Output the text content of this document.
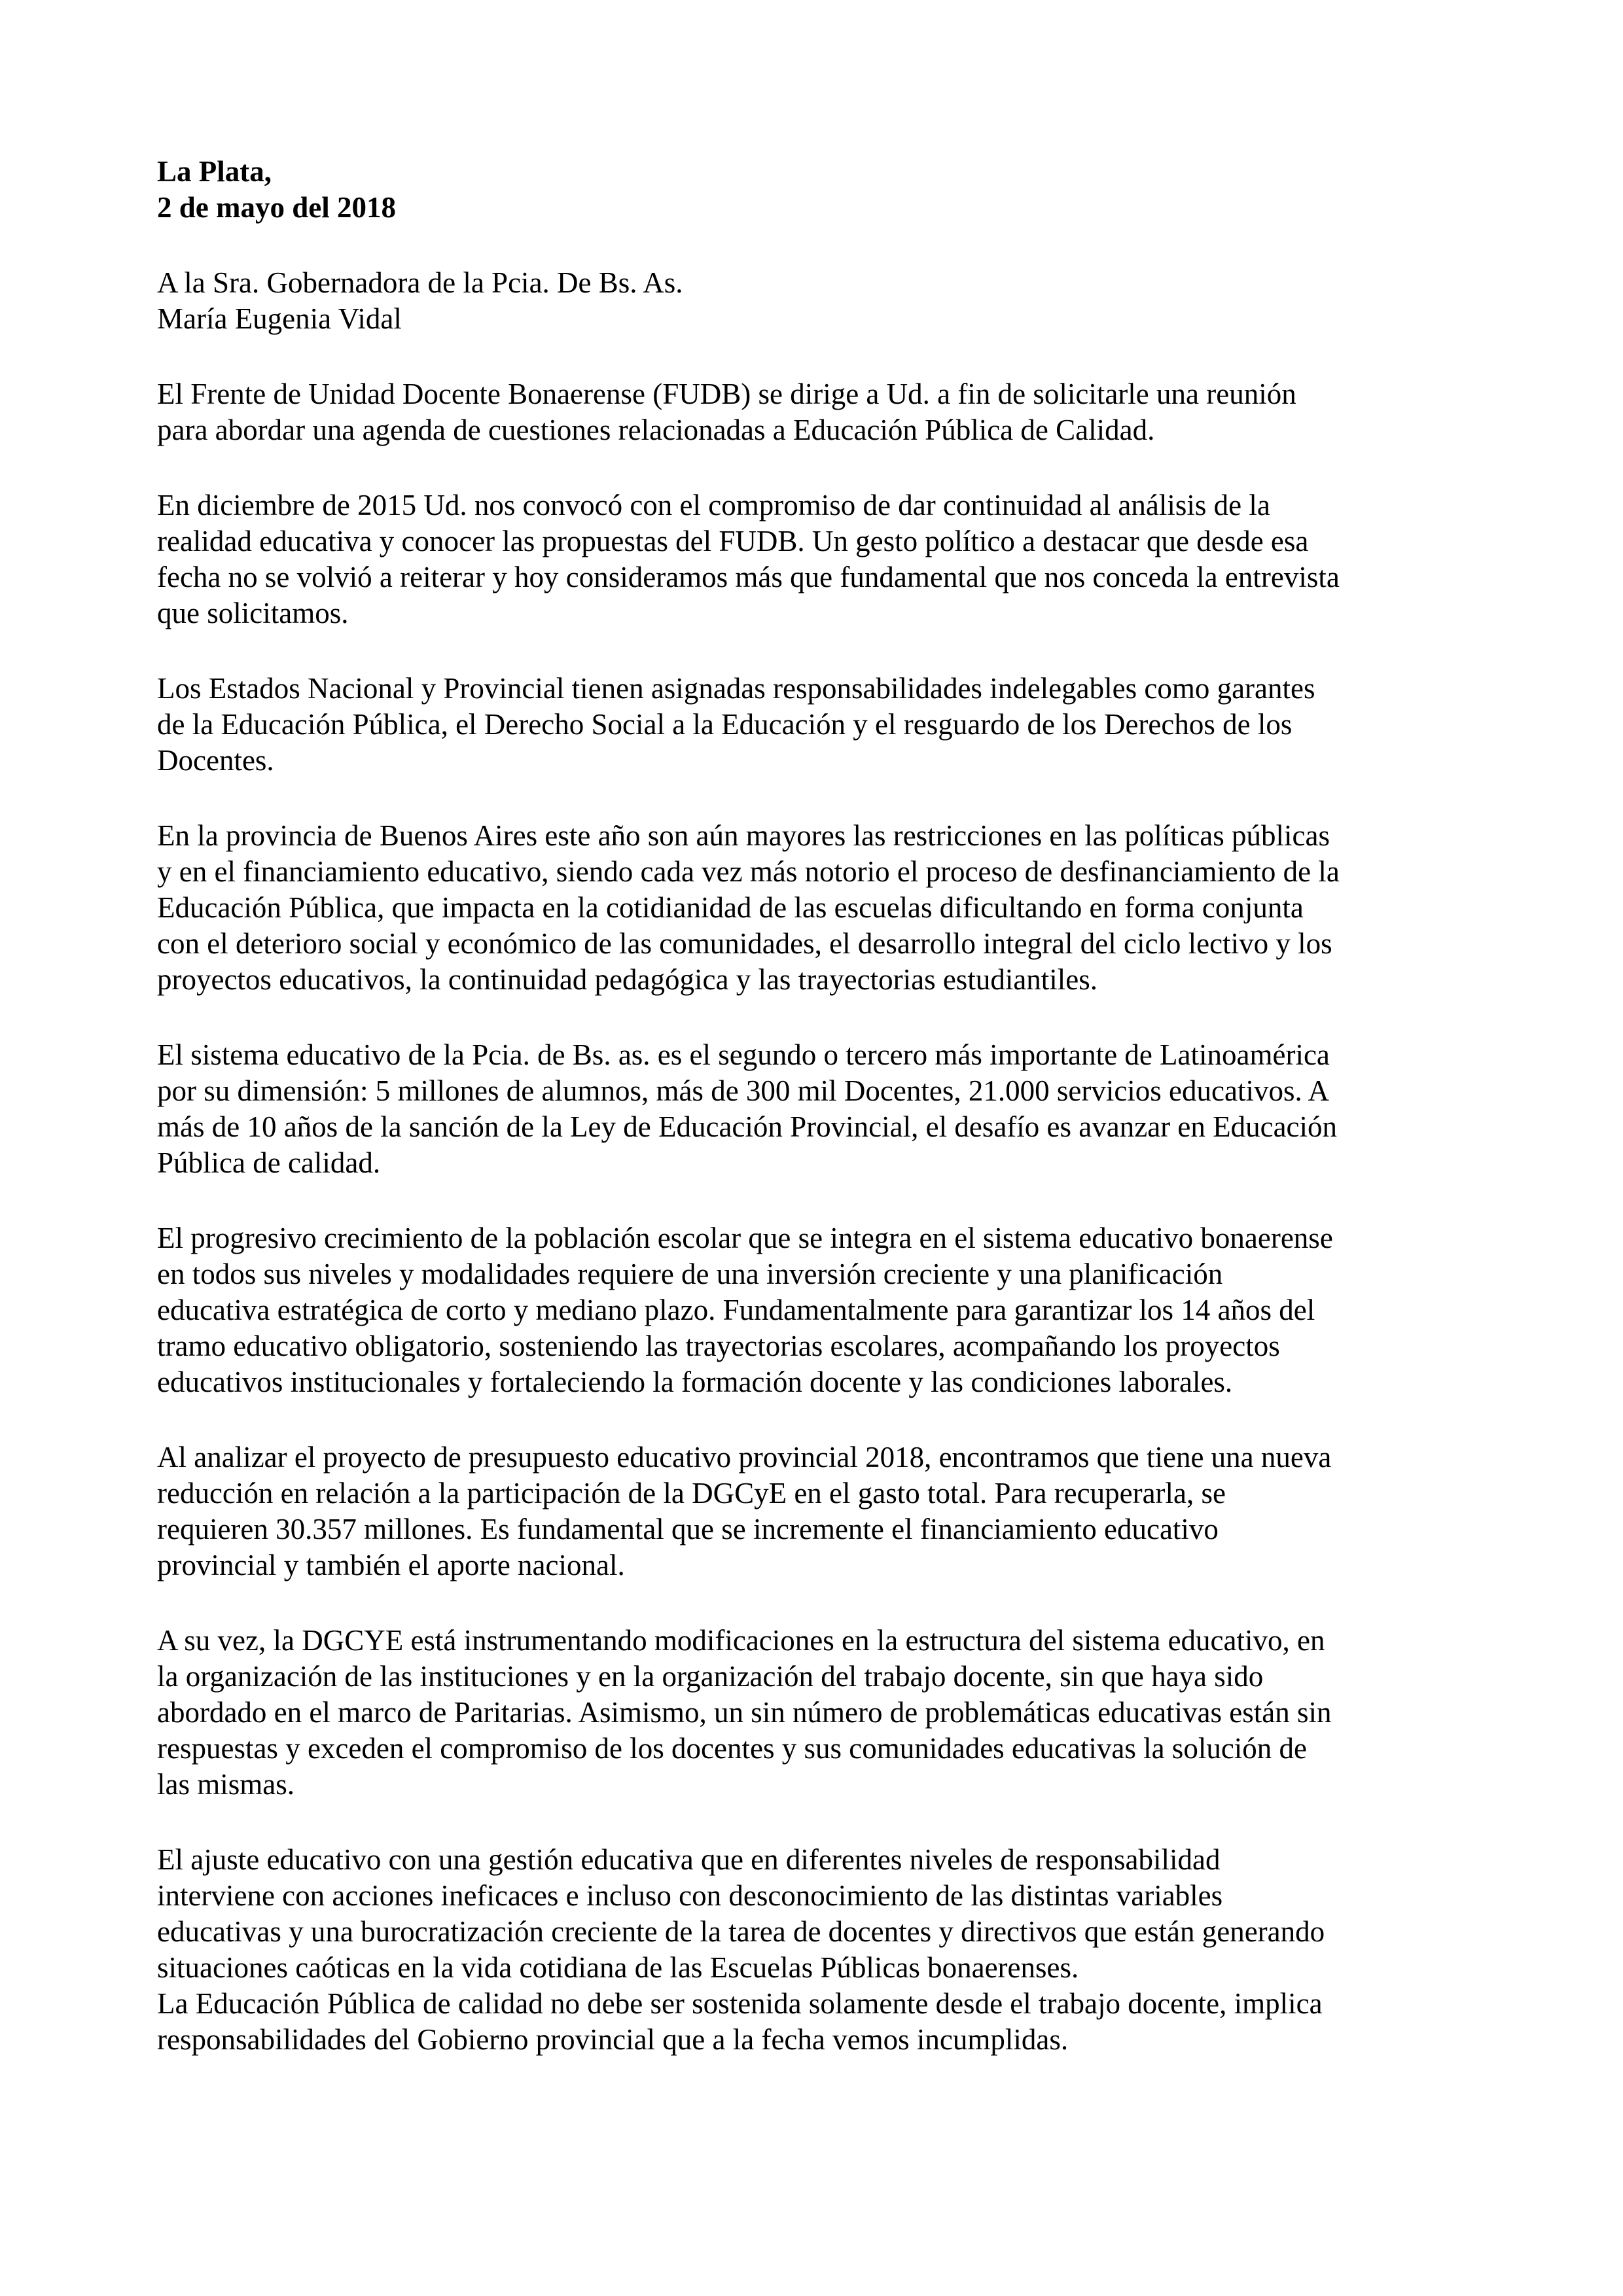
La Plata,
2 de mayo del 2018
A la Sra. Gobernadora de la Pcia. De Bs. As.
María Eugenia Vidal
El Frente de Unidad Docente Bonaerense (FUDB) se dirige a Ud. a fin de solicitarle una reunión
para abordar una agenda de cuestiones relacionadas a Educación Pública de Calidad.
En diciembre de 2015 Ud. nos convocó con el compromiso de dar continuidad al análisis de la
realidad educativa y conocer las propuestas del FUDB. Un gesto político a destacar que desde esa
fecha no se volvió a reiterar y hoy consideramos más que fundamental que nos conceda la entrevista
que solicitamos.
Los Estados Nacional y Provincial tienen asignadas responsabilidades indelegables como garantes
de la Educación Pública, el Derecho Social a la Educación y el resguardo de los Derechos de los
Docentes.
En la provincia de Buenos Aires este año son aún mayores las restricciones en las políticas públicas
y en el financiamiento educativo, siendo cada vez más notorio el proceso de desfinanciamiento de la
Educación Pública, que impacta en la cotidianidad de las escuelas dificultando en forma conjunta
con el deterioro social y económico de las comunidades, el desarrollo integral del ciclo lectivo y los
proyectos educativos, la continuidad pedagógica y las trayectorias estudiantiles.
El sistema educativo de la Pcia. de Bs. as. es el segundo o tercero más importante de Latinoamérica
por su dimensión: 5 millones de alumnos, más de 300 mil Docentes, 21.000 servicios educativos. A
más de 10 años de la sanción de la Ley de Educación Provincial, el desafío es avanzar en Educación
Pública de calidad.
El progresivo crecimiento de la población escolar que se integra en el sistema educativo bonaerense
en todos sus niveles y modalidades requiere de una inversión creciente y una planificación
educativa estratégica de corto y mediano plazo. Fundamentalmente para garantizar los 14 años del
tramo educativo obligatorio, sosteniendo las trayectorias escolares, acompañando los proyectos
educativos institucionales y fortaleciendo la formación docente y las condiciones laborales.
Al analizar el proyecto de presupuesto educativo provincial 2018, encontramos que tiene una nueva
reducción en relación a la participación de la DGCyE en el gasto total. Para recuperarla, se
requieren 30.357 millones. Es fundamental que se incremente el financiamiento educativo
provincial y también el aporte nacional.
A su vez, la DGCYE está instrumentando modificaciones en la estructura del sistema educativo, en
la organización de las instituciones y en la organización del trabajo docente, sin que haya sido
abordado en el marco de Paritarias. Asimismo, un sin número de problemáticas educativas están sin
respuestas y exceden el compromiso de los docentes y sus comunidades educativas la solución de
las mismas.
El ajuste educativo con una gestión educativa que en diferentes niveles de responsabilidad
interviene con acciones ineficaces e incluso con desconocimiento de las distintas variables
educativas y una burocratización creciente de la tarea de docentes y directivos que están generando
situaciones caóticas en la vida cotidiana de las Escuelas Públicas bonaerenses.
La Educación Pública de calidad no debe ser sostenida solamente desde el trabajo docente, implica
responsabilidades del Gobierno provincial que a la fecha vemos incumplidas.
